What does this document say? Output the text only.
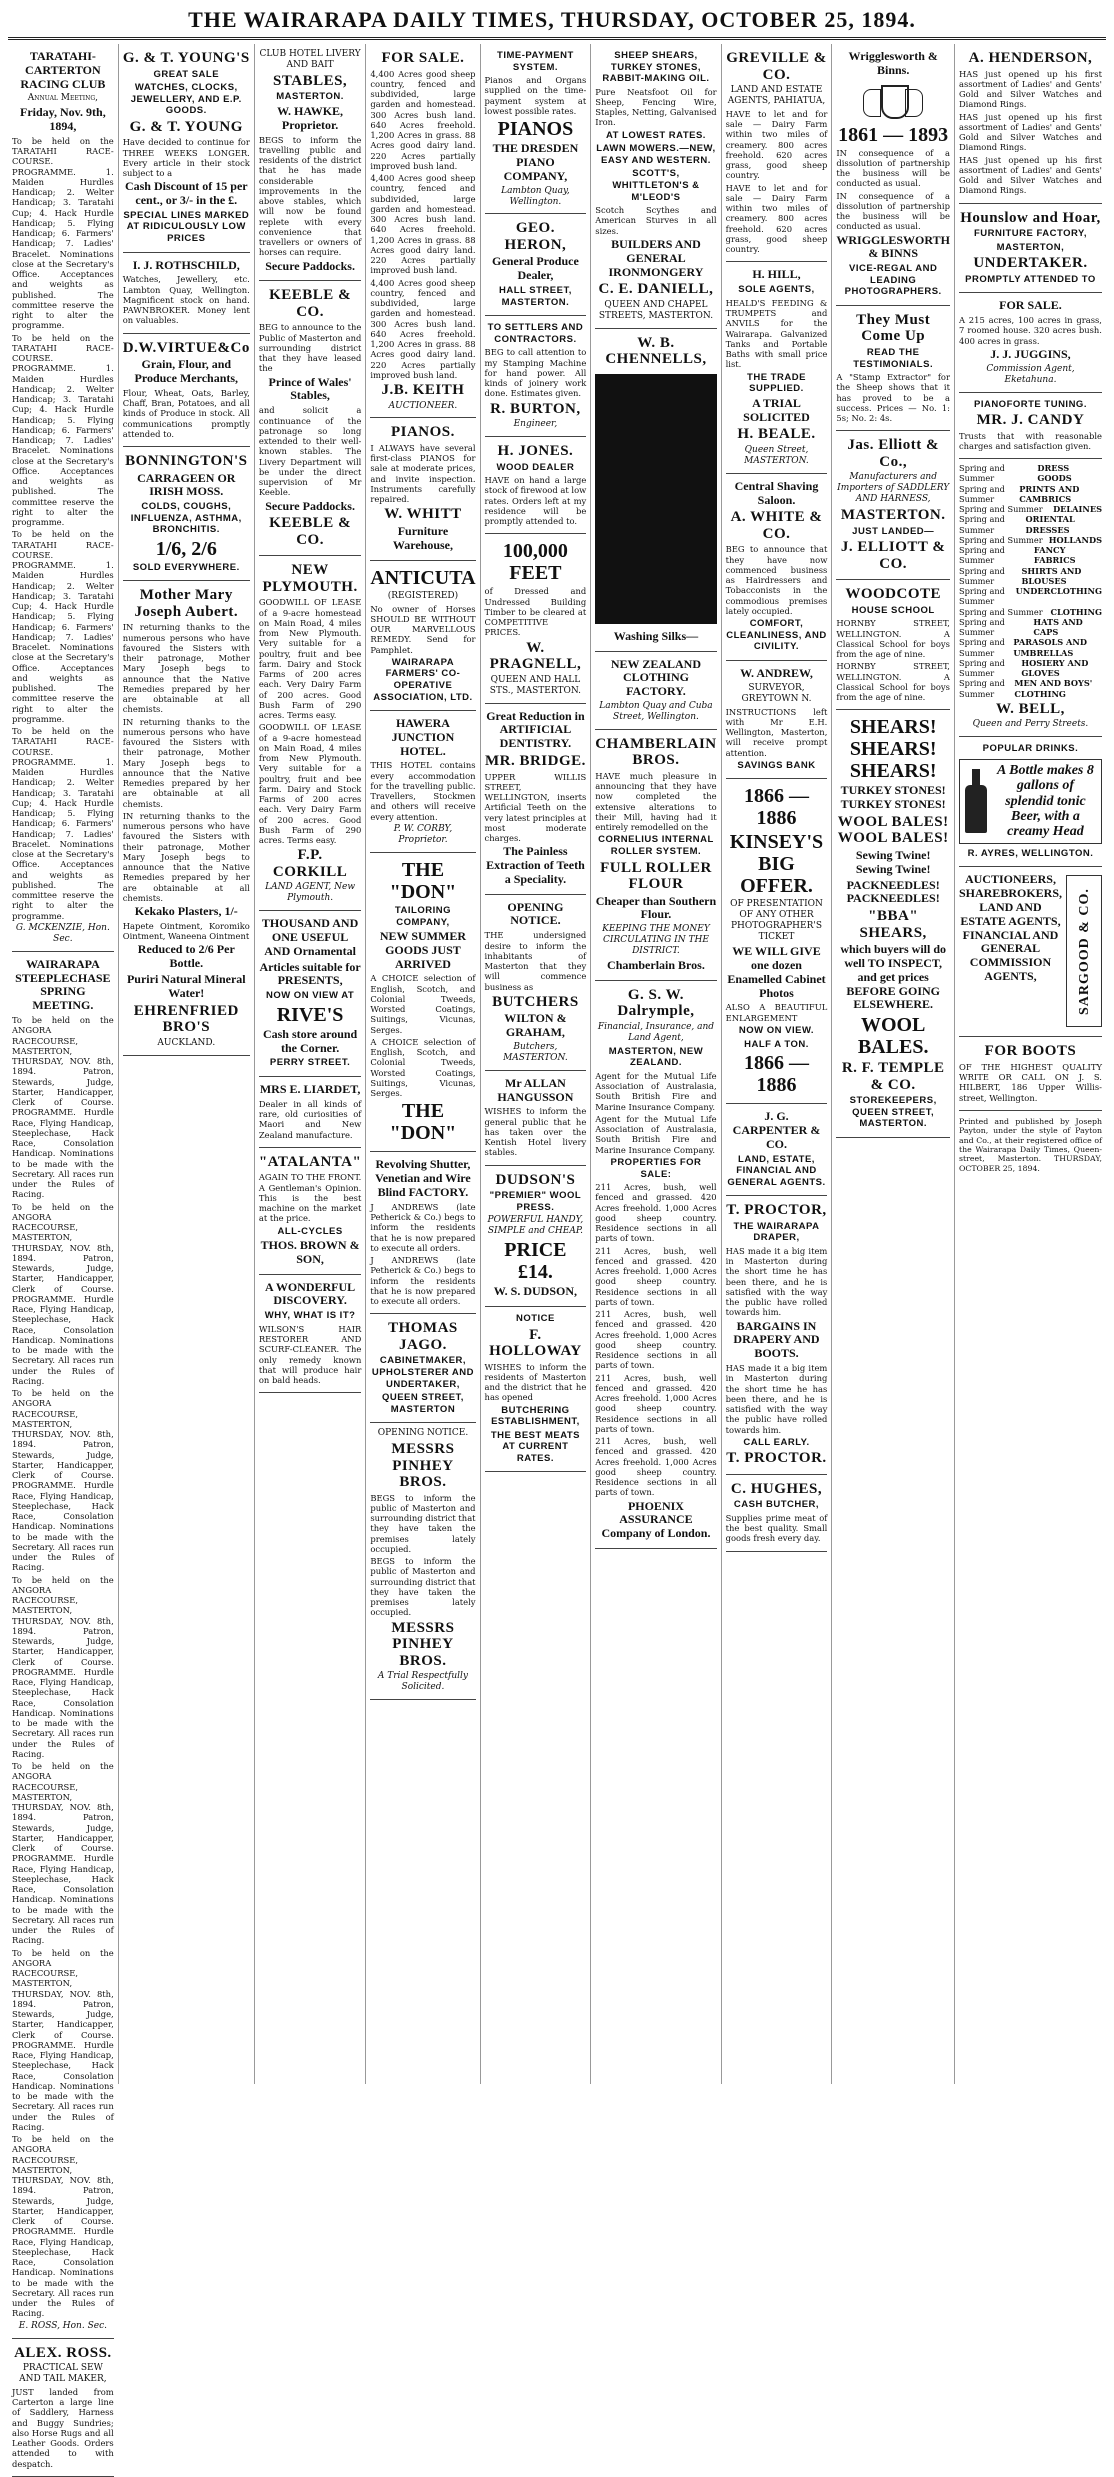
THE WAIRARAPA DAILY TIMES, THURSDAY, OCTOBER 25, 1894.
TARATAHI-CARTERTON RACING CLUB
Annual Meeting,
Friday, Nov. 9th, 1894,
To be held on the TARATAHI RACE-COURSE. PROGRAMME. 1. Maiden Hurdles Handicap; 2. Welter Handicap; 3. Taratahi Cup; 4. Hack Hurdle Handicap; 5. Flying Handicap; 6. Farmers' Handicap; 7. Ladies' Bracelet. Nominations close at the Secretary's Office. Acceptances and weights as published. The committee reserve the right to alter the programme.
To be held on the TARATAHI RACE-COURSE. PROGRAMME. 1. Maiden Hurdles Handicap; 2. Welter Handicap; 3. Taratahi Cup; 4. Hack Hurdle Handicap; 5. Flying Handicap; 6. Farmers' Handicap; 7. Ladies' Bracelet. Nominations close at the Secretary's Office. Acceptances and weights as published. The committee reserve the right to alter the programme.
To be held on the TARATAHI RACE-COURSE. PROGRAMME. 1. Maiden Hurdles Handicap; 2. Welter Handicap; 3. Taratahi Cup; 4. Hack Hurdle Handicap; 5. Flying Handicap; 6. Farmers' Handicap; 7. Ladies' Bracelet. Nominations close at the Secretary's Office. Acceptances and weights as published. The committee reserve the right to alter the programme.
To be held on the TARATAHI RACE-COURSE. PROGRAMME. 1. Maiden Hurdles Handicap; 2. Welter Handicap; 3. Taratahi Cup; 4. Hack Hurdle Handicap; 5. Flying Handicap; 6. Farmers' Handicap; 7. Ladies' Bracelet. Nominations close at the Secretary's Office. Acceptances and weights as published. The committee reserve the right to alter the programme.
G. MCKENZIE, Hon. Sec.
WAIRARAPA STEEPLECHASE SPRING MEETING.
To be held on the ANGORA RACECOURSE, MASTERTON, THURSDAY, NOV. 8th, 1894. Patron, Stewards, Judge, Starter, Handicapper, Clerk of Course. PROGRAMME. Hurdle Race, Flying Handicap, Steeplechase, Hack Race, Consolation Handicap. Nominations to be made with the Secretary. All races run under the Rules of Racing.
To be held on the ANGORA RACECOURSE, MASTERTON, THURSDAY, NOV. 8th, 1894. Patron, Stewards, Judge, Starter, Handicapper, Clerk of Course. PROGRAMME. Hurdle Race, Flying Handicap, Steeplechase, Hack Race, Consolation Handicap. Nominations to be made with the Secretary. All races run under the Rules of Racing.
To be held on the ANGORA RACECOURSE, MASTERTON, THURSDAY, NOV. 8th, 1894. Patron, Stewards, Judge, Starter, Handicapper, Clerk of Course. PROGRAMME. Hurdle Race, Flying Handicap, Steeplechase, Hack Race, Consolation Handicap. Nominations to be made with the Secretary. All races run under the Rules of Racing.
To be held on the ANGORA RACECOURSE, MASTERTON, THURSDAY, NOV. 8th, 1894. Patron, Stewards, Judge, Starter, Handicapper, Clerk of Course. PROGRAMME. Hurdle Race, Flying Handicap, Steeplechase, Hack Race, Consolation Handicap. Nominations to be made with the Secretary. All races run under the Rules of Racing.
To be held on the ANGORA RACECOURSE, MASTERTON, THURSDAY, NOV. 8th, 1894. Patron, Stewards, Judge, Starter, Handicapper, Clerk of Course. PROGRAMME. Hurdle Race, Flying Handicap, Steeplechase, Hack Race, Consolation Handicap. Nominations to be made with the Secretary. All races run under the Rules of Racing.
To be held on the ANGORA RACECOURSE, MASTERTON, THURSDAY, NOV. 8th, 1894. Patron, Stewards, Judge, Starter, Handicapper, Clerk of Course. PROGRAMME. Hurdle Race, Flying Handicap, Steeplechase, Hack Race, Consolation Handicap. Nominations to be made with the Secretary. All races run under the Rules of Racing.
To be held on the ANGORA RACECOURSE, MASTERTON, THURSDAY, NOV. 8th, 1894. Patron, Stewards, Judge, Starter, Handicapper, Clerk of Course. PROGRAMME. Hurdle Race, Flying Handicap, Steeplechase, Hack Race, Consolation Handicap. Nominations to be made with the Secretary. All races run under the Rules of Racing.
E. ROSS, Hon. Sec.
ALEX. ROSS.
PRACTICAL SEW AND TAIL MAKER,
JUST landed from Carterton a large line of Saddlery, Harness and Buggy Sundries; also Horse Rugs and all Leather Goods. Orders attended to with despatch.
G. & T. YOUNG'S
GREAT SALE
WATCHES, CLOCKS, JEWELLERY, AND E.P. GOODS.
G. & T. YOUNG
Have decided to continue for THREE WEEKS LONGER. Every article in their stock subject to a
Cash Discount of 15 per cent., or 3/- in the £.
SPECIAL LINES MARKED AT RIDICULOUSLY LOW PRICES
I. J. ROTHSCHILD,
Watches, Jewellery, etc. Lambton Quay, Wellington. Magnificent stock on hand. PAWNBROKER. Money lent on valuables.
D.W.VIRTUE&Co
Grain, Flour, and Produce Merchants,
Flour, Wheat, Oats, Barley, Chaff, Bran, Potatoes, and all kinds of Produce in stock. All communications promptly attended to.
BONNINGTON'S
CARRAGEEN OR IRISH MOSS.
COLDS, COUGHS, INFLUENZA, ASTHMA, BRONCHITIS.
1/6, 2/6
SOLD EVERYWHERE.
Mother Mary Joseph Aubert.
IN returning thanks to the numerous persons who have favoured the Sisters with their patronage, Mother Mary Joseph begs to announce that the Native Remedies prepared by her are obtainable at all chemists.
IN returning thanks to the numerous persons who have favoured the Sisters with their patronage, Mother Mary Joseph begs to announce that the Native Remedies prepared by her are obtainable at all chemists.
IN returning thanks to the numerous persons who have favoured the Sisters with their patronage, Mother Mary Joseph begs to announce that the Native Remedies prepared by her are obtainable at all chemists.
Kekako Plasters, 1/-
Hapete Ointment, Koromiko Ointment, Waneena Ointment
Reduced to 2/6 Per Bottle.
Puriri Natural Mineral Water!
EHRENFRIED BRO'S
AUCKLAND.
CLUB HOTEL LIVERY AND BAIT
STABLES,
MASTERTON.
W. HAWKE, Proprietor.
BEGS to inform the travelling public and residents of the district that he has made considerable improvements in the above stables, which will now be found replete with every convenience that travellers or owners of horses can require.
Secure Paddocks.
KEEBLE & CO.
BEG to announce to the Public of Masterton and surrounding district that they have leased the
Prince of Wales' Stables,
and solicit a continuance of the patronage so long extended to their well-known stables. The Livery Department will be under the direct supervision of Mr Keeble.
Secure Paddocks.
KEEBLE & CO.
NEW PLYMOUTH.
GOODWILL OF LEASE of a 9-acre homestead on Main Road, 4 miles from New Plymouth. Very suitable for a poultry, fruit and bee farm. Dairy and Stock Farms of 200 acres each. Very Dairy Farm of 200 acres. Good Bush Farm of 290 acres. Terms easy.
GOODWILL OF LEASE of a 9-acre homestead on Main Road, 4 miles from New Plymouth. Very suitable for a poultry, fruit and bee farm. Dairy and Stock Farms of 200 acres each. Very Dairy Farm of 200 acres. Good Bush Farm of 290 acres. Terms easy.
F.P. CORKILL
LAND AGENT, New Plymouth.
THOUSAND AND ONE USEFUL AND Ornamental
Articles suitable for PRESENTS,
NOW ON VIEW AT
RIVE'S
Cash store around the Corner.
PERRY STREET.
MRS E. LIARDET,
Dealer in all kinds of rare, old curiosities of Maori and New Zealand manufacture.
"ATALANTA"
AGAIN TO THE FRONT. A Gentleman's Opinion. This is the best machine on the market at the price.
ALL-CYCLES
THOS. BROWN & SON,
A WONDERFUL DISCOVERY.
WHY, WHAT IS IT?
WILSON'S HAIR RESTORER AND SCURF-CLEANER. The only remedy known that will produce hair on bald heads.
FOR SALE.
4,400 Acres good sheep country, fenced and subdivided, large garden and homestead. 300 Acres bush land. 640 Acres freehold. 1,200 Acres in grass. 88 Acres good dairy land. 220 Acres partially improved bush land.
4,400 Acres good sheep country, fenced and subdivided, large garden and homestead. 300 Acres bush land. 640 Acres freehold. 1,200 Acres in grass. 88 Acres good dairy land. 220 Acres partially improved bush land.
4,400 Acres good sheep country, fenced and subdivided, large garden and homestead. 300 Acres bush land. 640 Acres freehold. 1,200 Acres in grass. 88 Acres good dairy land. 220 Acres partially improved bush land.
J.B. KEITH
AUCTIONEER.
PIANOS.
I ALWAYS have several first-class PIANOS for sale at moderate prices, and invite inspection. Instruments carefully repaired.
W. WHITT
Furniture Warehouse,
ANTICUTA
(REGISTERED)
No owner of Horses SHOULD BE WITHOUT OUR MARVELLOUS REMEDY. Send for Pamphlet.
WAIRARAPA FARMERS' CO-OPERATIVE ASSOCIATION, LTD.
HAWERA JUNCTION HOTEL.
THIS HOTEL contains every accommodation for the travelling public. Travellers, Stockmen and others will receive every attention.
P. W. CORBY, Proprietor.
THE "DON"
TAILORING COMPANY,
NEW SUMMER GOODS JUST ARRIVED
A CHOICE selection of English, Scotch, and Colonial Tweeds, Worsted Coatings, Suitings, Vicunas, Serges.
A CHOICE selection of English, Scotch, and Colonial Tweeds, Worsted Coatings, Suitings, Vicunas, Serges.
THE "DON"
Revolving Shutter, Venetian and Wire Blind FACTORY.
J ANDREWS (late Petherick & Co.) begs to inform the residents that he is now prepared to execute all orders.
J ANDREWS (late Petherick & Co.) begs to inform the residents that he is now prepared to execute all orders.
THOMAS JAGO.
CABINETMAKER, UPHOLSTERER AND UNDERTAKER,
QUEEN STREET, MASTERTON
OPENING NOTICE.
MESSRS PINHEY BROS.
BEGS to inform the public of Masterton and surrounding district that they have taken the premises lately occupied.
BEGS to inform the public of Masterton and surrounding district that they have taken the premises lately occupied.
MESSRS PINHEY BROS.
A Trial Respectfully Solicited.
TIME-PAYMENT SYSTEM.
Pianos and Organs supplied on the time-payment system at lowest possible rates.
PIANOS
THE DRESDEN PIANO COMPANY,
Lambton Quay, Wellington.
GEO. HERON,
General Produce Dealer,
HALL STREET, MASTERTON.
TO SETTLERS AND CONTRACTORS.
BEG to call attention to my Stamping Machine for hand power. All kinds of joinery work done. Estimates given.
R. BURTON,
Engineer,
H. JONES.
WOOD DEALER
HAVE on hand a large stock of firewood at low rates. Orders left at my residence will be promptly attended to.
100,000 FEET
of Dressed and Undressed Building Timber to be cleared at COMPETITIVE PRICES.
W. PRAGNELL,
QUEEN AND HALL STS., MASTERTON.
Great Reduction in ARTIFICIAL DENTISTRY.
MR. BRIDGE.
UPPER WILLIS STREET, WELLINGTON, inserts Artificial Teeth on the very latest principles at most moderate charges.
The Painless Extraction of Teeth a Speciality.
OPENING NOTICE.
THE undersigned desire to inform the inhabitants of Masterton that they will commence business as
BUTCHERS
WILTON & GRAHAM,
Butchers, MASTERTON.
Mr ALLAN HANGUSSON
WISHES to inform the general public that he has taken over the Kentish Hotel livery stables.
DUDSON'S
"PREMIER" WOOL PRESS.
POWERFUL HANDY, SIMPLE and CHEAP.
PRICE £14.
W. S. DUDSON,
NOTICE
F. HOLLOWAY
WISHES to inform the residents of Masterton and the district that he has opened
BUTCHERING ESTABLISHMENT,
THE BEST MEATS AT CURRENT RATES.
SHEEP SHEARS, TURKEY STONES, RABBIT-MAKING OIL.
Pure Neatsfoot Oil for Sheep, Fencing Wire, Staples, Netting, Galvanised Iron.
AT LOWEST RATES.
LAWN MOWERS.—NEW, EASY AND WESTERN.
SCOTT'S, WHITTLETON'S & M'LEOD'S
Scotch Scythes and American Sturves in all sizes.
BUILDERS AND GENERAL IRONMONGERY
C. E. DANIELL,
QUEEN AND CHAPEL STREETS, MASTERTON.
W. B. CHENNELLS,
Washing Silks—
NEW ZEALAND CLOTHING FACTORY.
Lambton Quay and Cuba Street, Wellington.
CHAMBERLAIN BROS.
HAVE much pleasure in announcing that they have now completed the extensive alterations to their Mill, having had it entirely remodelled on the
CORNELIUS INTERNAL ROLLER SYSTEM.
FULL ROLLER FLOUR
Cheaper than Southern Flour.
KEEPING THE MONEY CIRCULATING IN THE DISTRICT.
Chamberlain Bros.
G. S. W. Dalrymple,
Financial, Insurance, and Land Agent,
MASTERTON, NEW ZEALAND.
Agent for the Mutual Life Association of Australasia, South British Fire and Marine Insurance Company.
Agent for the Mutual Life Association of Australasia, South British Fire and Marine Insurance Company.
PROPERTIES FOR SALE:
211 Acres, bush, well fenced and grassed. 420 Acres freehold. 1,000 Acres good sheep country. Residence sections in all parts of town.
211 Acres, bush, well fenced and grassed. 420 Acres freehold. 1,000 Acres good sheep country. Residence sections in all parts of town.
211 Acres, bush, well fenced and grassed. 420 Acres freehold. 1,000 Acres good sheep country. Residence sections in all parts of town.
211 Acres, bush, well fenced and grassed. 420 Acres freehold. 1,000 Acres good sheep country. Residence sections in all parts of town.
211 Acres, bush, well fenced and grassed. 420 Acres freehold. 1,000 Acres good sheep country. Residence sections in all parts of town.
PHOENIX ASSURANCE Company of London.
GREVILLE & CO.
LAND AND ESTATE AGENTS, PAHIATUA,
HAVE to let and for sale — Dairy Farm within two miles of creamery. 800 acres freehold. 620 acres grass, good sheep country.
HAVE to let and for sale — Dairy Farm within two miles of creamery. 800 acres freehold. 620 acres grass, good sheep country.
H. HILL,
SOLE AGENTS,
HEALD'S FEEDING & TRUMPETS and ANVILS for the Wairarapa. Galvanized Tanks and Portable Baths with small price list.
THE TRADE SUPPLIED.
A TRIAL SOLICITED
H. BEALE.
Queen Street, MASTERTON.
Central Shaving Saloon.
A. WHITE & CO.
BEG to announce that they have now commenced business as Hairdressers and Tobacconists in the commodious premises lately occupied.
COMFORT, CLEANLINESS, AND CIVILITY.
W. ANDREW,
SURVEYOR, GREYTOWN N.
INSTRUCTIONS left with Mr E.H. Wellington, Masterton, will receive prompt attention.
SAVINGS BANK
1866 — 1886
KINSEY'S BIG OFFER.
OF PRESENTATION OF ANY OTHER PHOTOGRAPHER'S TICKET
WE WILL GIVE one dozen Enamelled Cabinet Photos
ALSO A BEAUTIFUL ENLARGEMENT
NOW ON VIEW.
HALF A TON.
1866 — 1886
J. G. CARPENTER & CO.
LAND, ESTATE, FINANCIAL AND GENERAL AGENTS.
T. PROCTOR,
THE WAIRARAPA DRAPER,
HAS made it a big item in Masterton during the short time he has been there, and he is satisfied with the way the public have rolled towards him.
BARGAINS IN DRAPERY AND BOOTS.
HAS made it a big item in Masterton during the short time he has been there, and he is satisfied with the way the public have rolled towards him.
CALL EARLY.
T. PROCTOR.
C. HUGHES,
CASH BUTCHER,
Supplies prime meat of the best quality. Small goods fresh every day.
Wrigglesworth & Binns.
1861 — 1893
IN consequence of a dissolution of partnership the business will be conducted as usual.
IN consequence of a dissolution of partnership the business will be conducted as usual.
WRIGGLESWORTH & BINNS
VICE-REGAL AND LEADING PHOTOGRAPHERS.
They Must Come Up
READ THE TESTIMONIALS.
A "Stamp Extractor" for the Sheep shows that it has proved to be a success. Prices — No. 1: 5s; No. 2: 4s.
Jas. Elliott & Co.,
Manufacturers and Importers of SADDLERY AND HARNESS,
MASTERTON.
JUST LANDED—
J. ELLIOTT & CO.
WOODCOTE
HOUSE SCHOOL
HORNBY STREET, WELLINGTON. A Classical School for boys from the age of nine.
HORNBY STREET, WELLINGTON. A Classical School for boys from the age of nine.
SHEARS! SHEARS! SHEARS!
TURKEY STONES! TURKEY STONES!
WOOL BALES! WOOL BALES!
Sewing Twine! Sewing Twine!
PACKNEEDLES! PACKNEEDLES!
"BBA" SHEARS,
which buyers will do well TO INSPECT, and get prices BEFORE GOING ELSEWHERE.
WOOL BALES.
R. F. TEMPLE & CO.
STOREKEEPERS, QUEEN STREET, MASTERTON.
A. HENDERSON,
HAS just opened up his first assortment of Ladies' and Gents' Gold and Silver Watches and Diamond Rings.
HAS just opened up his first assortment of Ladies' and Gents' Gold and Silver Watches and Diamond Rings.
HAS just opened up his first assortment of Ladies' and Gents' Gold and Silver Watches and Diamond Rings.
Hounslow and Hoar,
FURNITURE FACTORY,
MASTERTON,
UNDERTAKER.
PROMPTLY ATTENDED TO
FOR SALE.
A 215 acres, 100 acres in grass, 7 roomed house. 320 acres bush. 400 acres in grass.
J. J. JUGGINS,
Commission Agent, Eketahuna.
PIANOFORTE TUNING.
MR. J. CANDY
Trusts that with reasonable charges and satisfaction given.
Spring and Summer
DRESS GOODS
Spring and Summer
PRINTS AND CAMBRICS
Spring and Summer DELAINES
Spring and Summer
ORIENTAL DRESSES
Spring and Summer HOLLANDS
Spring and Summer
FANCY FABRICS
Spring and Summer
SHIRTS AND BLOUSES
Spring and Summer
UNDERCLOTHING
Spring and Summer CLOTHING
Spring and Summer
HATS AND CAPS
Spring and Summer
PARASOLS AND UMBRELLAS
Spring and Summer
HOSIERY AND GLOVES
Spring and Summer
MEN AND BOYS' CLOTHING
W. BELL,
Queen and Perry Streets.
POPULAR DRINKS.
A Bottle makes 8 gallons of splendid tonic Beer, with a creamy Head
R. AYRES, WELLINGTON.
AUCTIONEERS, SHAREBROKERS, LAND AND ESTATE AGENTS, FINANCIAL AND GENERAL COMMISSION AGENTS,	SARGOOD & CO.
FOR BOOTS
OF THE HIGHEST QUALITY WRITE OR CALL ON J. S. HILBERT, 186 Upper Willis-street, Wellington.
Printed and published by Joseph Payton, under the style of Payton and Co., at their registered office of the Wairarapa Daily Times, Queen-street, Masterton. THURSDAY, OCTOBER 25, 1894.
